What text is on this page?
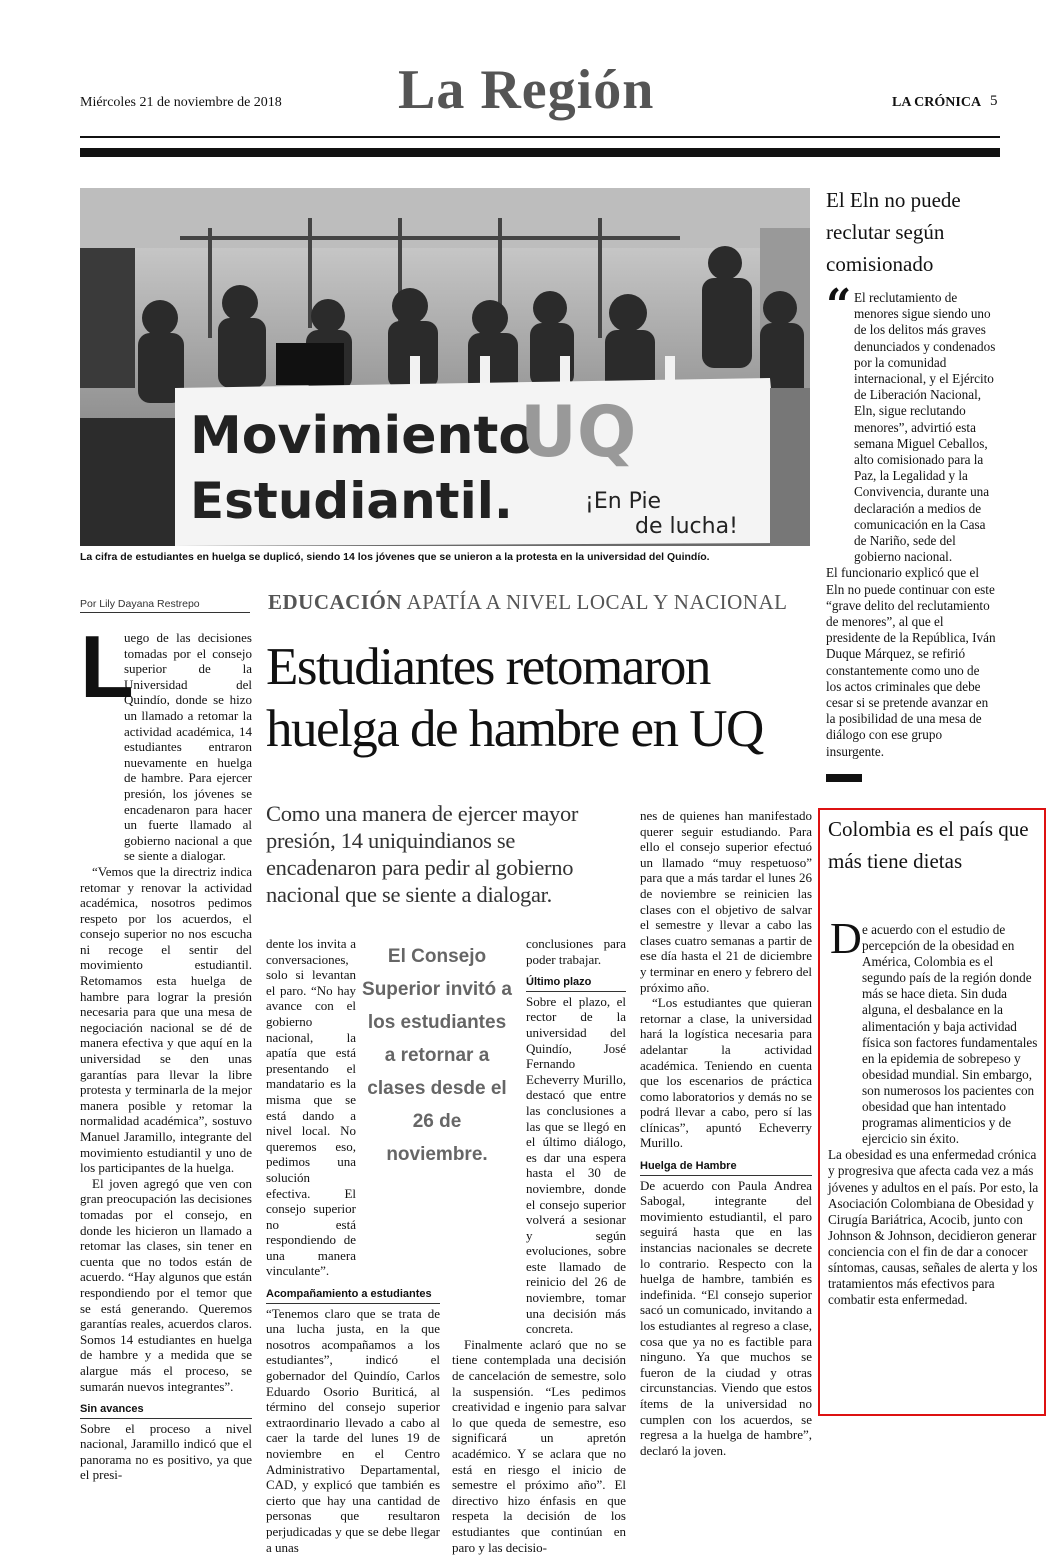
Miércoles 21 de noviembre de 2018 La Región	LA CRÓNICA 5
Movimiento
UQ
Estudiantil.	¡En Pie
de lucha!
La cifra de estudiantes en huelga se duplicó, siendo 14 los jóvenes que se unieron a la protesta en la universidad del Quindío.
El Eln no puede reclutar según comisionado
“ El reclutamiento de menores sigue siendo uno de los delitos más graves denunciados y condenados por la comunidad internacional, y el Ejército de Liberación Nacional, Eln, sigue reclutando menores”, advirtió esta semana Miguel Ceballos, alto comisionado para la Paz, la Legalidad y la Convivencia, durante una declaración a medios de comunicación en la Casa de Nariño, sede del gobierno nacional.

El funcionario explicó que el Eln no puede continuar con este “grave delito del reclutamiento de menores”, al que el presidente de la República, Iván Duque Márquez, se refirió constantemente como uno de los actos criminales que debe cesar si se pretende avanzar en la posibilidad de una mesa de diálogo con ese grupo insurgente.

Colombia es el país que más tiene dietas
D e acuerdo con el estudio de percepción de la obesidad en América, Colombia es el segundo país de la región donde más se hace dieta. Sin duda alguna, el desbalance en la alimentación y baja actividad física son factores fundamentales en la epidemia de sobrepeso y obesidad mundial. Sin embargo, son numerosos los pacientes con obesidad que han intentado programas alimenticios y de ejercicio sin éxito.

La obesidad es una enfermedad crónica y progresiva que afecta cada vez a más jóvenes y adultos en el país. Por esto, la Asociación Colombiana de Obesidad y Cirugía Bariátrica, Acocib, junto con Johnson & Johnson, decidieron generar conciencia con el fin de dar a conocer síntomas, causas, señales de alerta y los tratamientos más efectivos para combatir esta enfermedad.

Por Lily Dayana Restrepo	EDUCACIÓN APATÍA A NIVEL LOCAL Y NACIONAL
Estudiantes retomaron huelga de hambre en UQ
Como una manera de ejercer mayor presión, 14 uniquindianos se encadenaron para pedir al gobierno nacional que se siente a dialogar.
L

uego de las decisiones tomadas por el consejo superior de la Universidad del Quindío, donde se hizo un llamado a retomar la actividad académica, 14 estudiantes entraron nuevamente en huelga de hambre. Para ejercer presión, los jóvenes se encadenaron para hacer un fuerte llamado al gobierno nacional a que se siente a dialogar.

“Vemos que la directriz indica retomar y renovar la actividad académica, nosotros pedimos respeto por los acuerdos, el consejo superior no nos escucha ni recoge el sentir del movimiento estudiantil. Retomamos esta huelga de hambre para lograr la presión necesaria para que una mesa de negociación nacional se dé de manera efectiva y que aquí en la universidad se den unas garantías para llevar la libre protesta y terminarla de la mejor manera posible y retomar la normalidad académica”, sostuvo Manuel Jaramillo, integrante del movimiento estudiantil y uno de los participantes de la huelga.

El joven agregó que ven con gran preocupación las decisiones tomadas por el consejo, en donde les hicieron un llamado a retomar las clases, sin tener en cuenta que no todos están de acuerdo. “Hay algunos que están respondiendo por el temor que se está generando. Queremos garantías reales, acuerdos claros. Somos 14 estudiantes en huelga de hambre y a medida que se alargue más el proceso, se sumarán nuevos integrantes”.

Sin avances

Sobre el proceso a nivel nacional, Jaramillo indicó que el panorama no es positivo, ya que el presi-

dente los invita a conversaciones, solo si levantan el paro. “No hay avance con el gobierno nacional, la apatía que está presentando el mandatario es la misma que se está dando a nivel local. No queremos eso, pedimos una solución efectiva. El consejo superior no está respondiendo de una manera vinculante”.

Acompañamiento a estudiantes

“Tenemos claro que se trata de una lucha justa, en la que nosotros acompañamos a los estudiantes”, indicó el gobernador del Quindío, Carlos Eduardo Osorio Buriticá, al término del consejo superior extraordinario llevado a cabo al caer la tarde del lunes 19 de noviembre en el Centro Administrativo Departamental, CAD, y explicó que también es cierto que hay una cantidad de personas que resultaron perjudicadas y que se debe llegar a unas

El Consejo Superior invitó a los estudiantes a retornar a clases desde el 26 de noviembre.

conclusiones para poder trabajar.

Último plazo

Sobre el plazo, el rector de la universidad del Quindío, José Fernando Echeverry Murillo, destacó que entre las conclusiones a las que se llegó en el último diálogo, es dar una espera hasta el 30 de noviembre, donde el consejo superior volverá a sesionar y según evoluciones, sobre este llamado de reinicio del 26 de noviembre, tomar una decisión más concreta.

Finalmente aclaró que no se tiene contemplada una decisión de cancelación de semestre, solo la suspensión. “Les pedimos creatividad e ingenio para salvar lo que queda de semestre, eso significará un apretón académico. Y se aclara que no está en riesgo el inicio de semestre el próximo año”. El directivo hizo énfasis en que respeta la decisión de los estudiantes que continúan en paro y las decisio-

nes de quienes han manifestado querer seguir estudiando. Para ello el consejo superior efectuó un llamado “muy respetuoso” para que a más tardar el lunes 26 de noviembre se reinicien las clases con el objetivo de salvar el semestre y llevar a cabo las clases cuatro semanas a partir de ese día hasta el 21 de diciembre y terminar en enero y febrero del próximo año.

“Los estudiantes que quieran retornar a clase, la universidad hará la logística necesaria para adelantar la actividad académica. Teniendo en cuenta que los escenarios de práctica como laboratorios y demás no se podrá llevar a cabo, pero sí las clínicas”, apuntó Echeverry Murillo.

Huelga de Hambre

De acuerdo con Paula Andrea Sabogal, integrante del movimiento estudiantil, el paro seguirá hasta que en las instancias nacionales se decrete lo contrario. Respecto con la huelga de hambre, también es indefinida. “El consejo superior sacó un comunicado, invitando a los estudiantes al regreso a clase, cosa que ya no es factible para ninguno. Ya que muchos se fueron de la ciudad y otras circunstancias. Viendo que estos ítems de la universidad no cumplen con los acuerdos, se regresa a la huelga de hambre”, declaró la joven.
